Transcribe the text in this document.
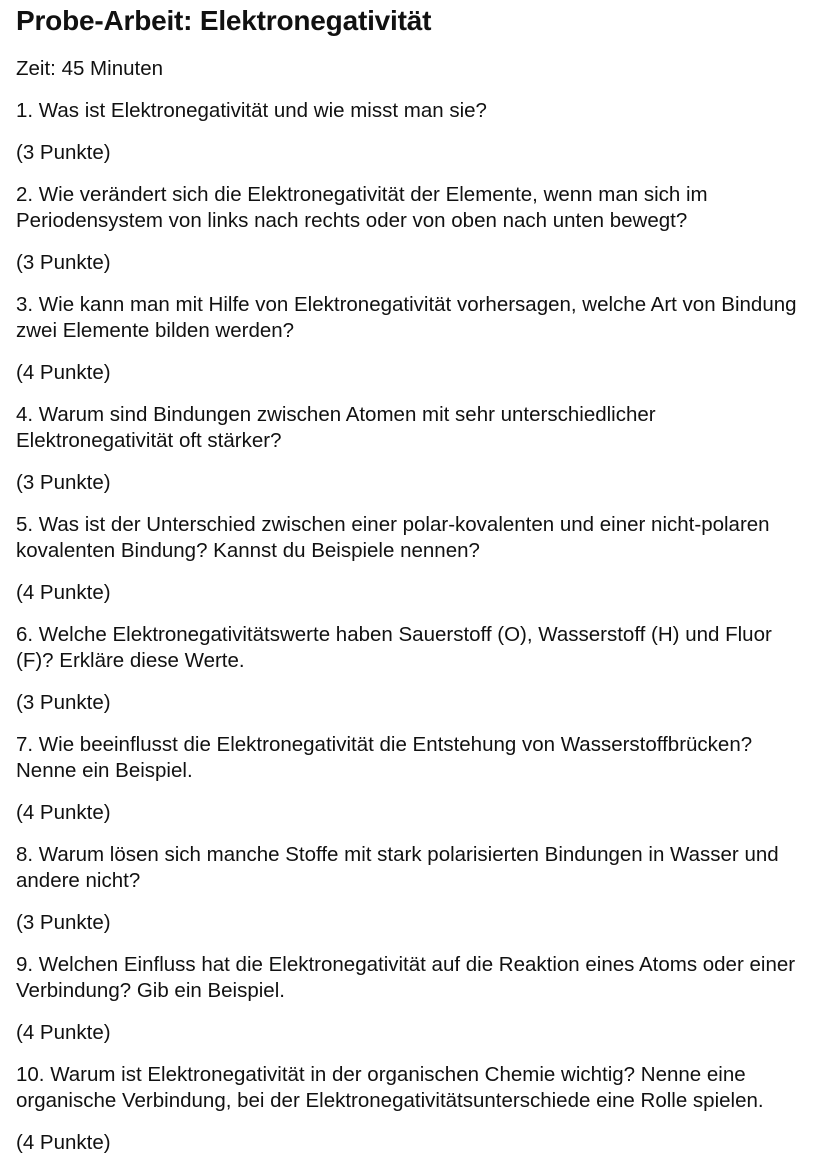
Probe-Arbeit: Elektronegativität

Zeit: 45 Minuten

1. Was ist Elektronegativität und wie misst man sie?

(3 Punkte)

2. Wie verändert sich die Elektronegativität der Elemente, wenn man sich im Periodensystem von links nach rechts oder von oben nach unten bewegt?

(3 Punkte)

3. Wie kann man mit Hilfe von Elektronegativität vorhersagen, welche Art von Bindung zwei Elemente bilden werden?

(4 Punkte)

4. Warum sind Bindungen zwischen Atomen mit sehr unterschiedlicher Elektronegativität oft stärker?

(3 Punkte)

5. Was ist der Unterschied zwischen einer polar-kovalenten und einer nicht-polaren kovalenten Bindung? Kannst du Beispiele nennen?

(4 Punkte)

6. Welche Elektronegativitätswerte haben Sauerstoff (O), Wasserstoff (H) und Fluor (F)? Erkläre diese Werte.

(3 Punkte)

7. Wie beeinflusst die Elektronegativität die Entstehung von Wasserstoffbrücken? Nenne ein Beispiel.

(4 Punkte)

8. Warum lösen sich manche Stoffe mit stark polarisierten Bindungen in Wasser und andere nicht?

(3 Punkte)

9. Welchen Einfluss hat die Elektronegativität auf die Reaktion eines Atoms oder einer Verbindung? Gib ein Beispiel.

(4 Punkte)

10. Warum ist Elektronegativität in der organischen Chemie wichtig? Nenne eine organische Verbindung, bei der Elektronegativitätsunterschiede eine Rolle spielen.

(4 Punkte)
